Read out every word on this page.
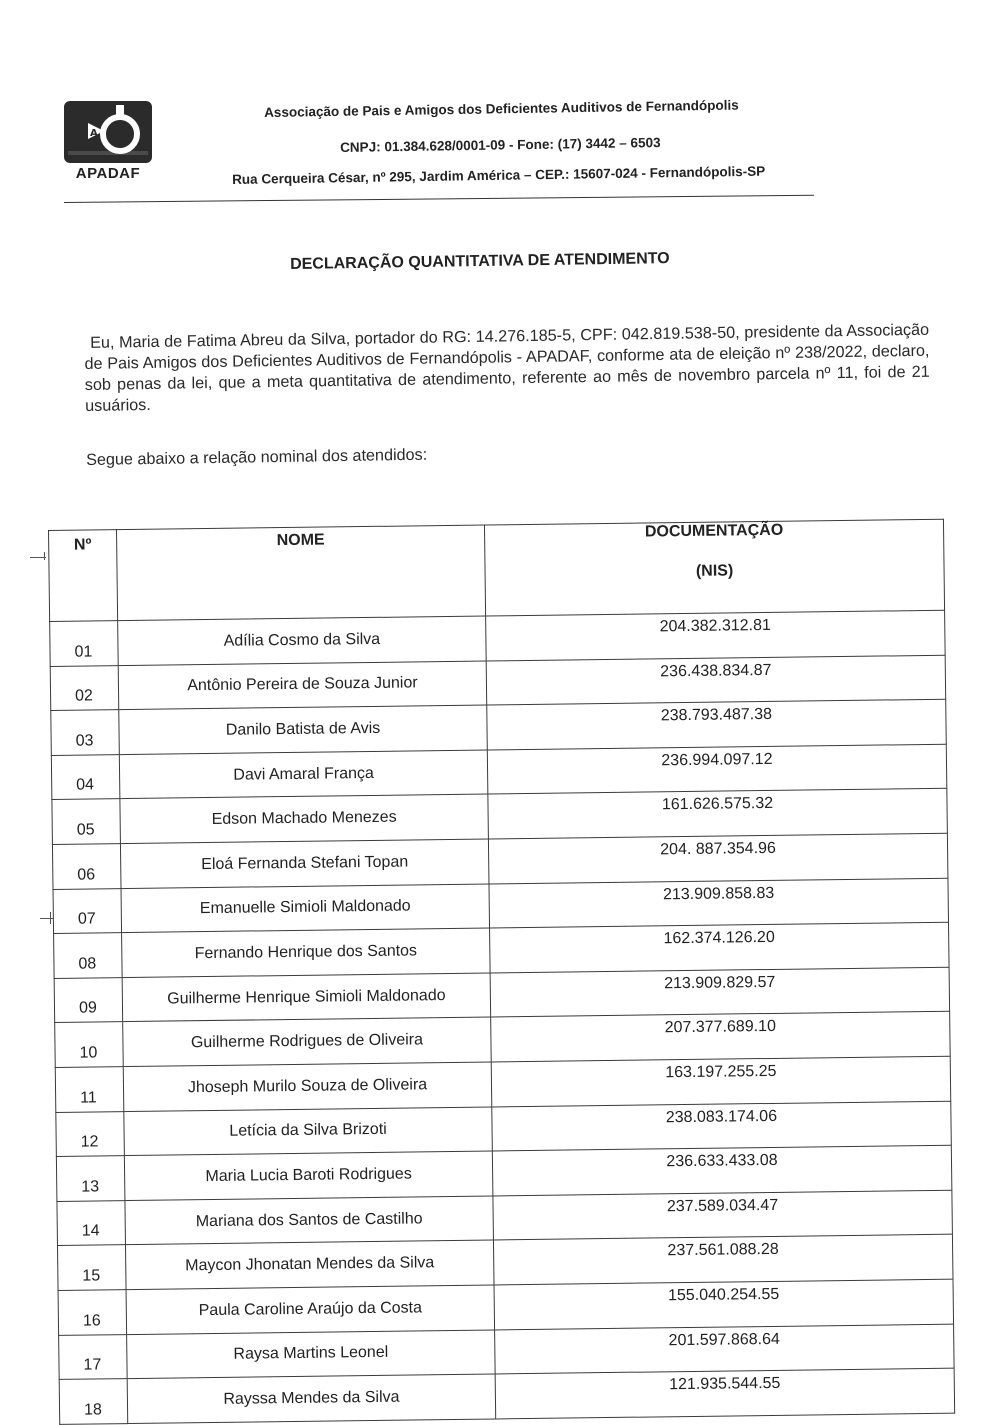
A
APADAF
Associação de Pais e Amigos dos Deficientes Auditivos de Fernandópolis
CNPJ: 01.384.628/0001-09 - Fone: (17) 3442 – 6503
Rua Cerqueira César, nº 295, Jardim América – CEP.: 15607-024 - Fernandópolis-SP
DECLARAÇÃO QUANTITATIVA DE ATENDIMENTO
Eu, Maria de Fatima Abreu da Silva, portador do RG: 14.276.185-5, CPF: 042.819.538-50, presidente da Associação de Pais Amigos dos Deficientes Auditivos de Fernandópolis - APADAF, conforme ata de eleição nº 238/2022, declaro, sob penas da lei, que a meta quantitativa de atendimento, referente ao mês de novembro parcela nº 11, foi de 21 usuários.
Segue abaixo a relação nominal dos atendidos:
Nº	NOME	DOCUMENTAÇÃO
(NIS)

01	Adília Cosmo da Silva	204.382.312.81
02	Antônio Pereira de Souza Junior	236.438.834.87
03	Danilo Batista de Avis	238.793.487.38
04	Davi Amaral França	236.994.097.12
05	Edson Machado Menezes	161.626.575.32
06	Eloá Fernanda Stefani Topan	204. 887.354.96
07	Emanuelle Simioli Maldonado	213.909.858.83
08	Fernando Henrique dos Santos	162.374.126.20
09	Guilherme Henrique Simioli Maldonado	213.909.829.57
10	Guilherme Rodrigues de Oliveira	207.377.689.10
11	Jhoseph Murilo Souza de Oliveira	163.197.255.25
12	Letícia da Silva Brizoti	238.083.174.06
13	Maria Lucia Baroti Rodrigues	236.633.433.08
14	Mariana dos Santos de Castilho	237.589.034.47
15	Maycon Jhonatan Mendes da Silva	237.561.088.28
16	Paula Caroline Araújo da Costa	155.040.254.55
17	Raysa Martins Leonel	201.597.868.64
18	Rayssa Mendes da Silva	121.935.544.55
